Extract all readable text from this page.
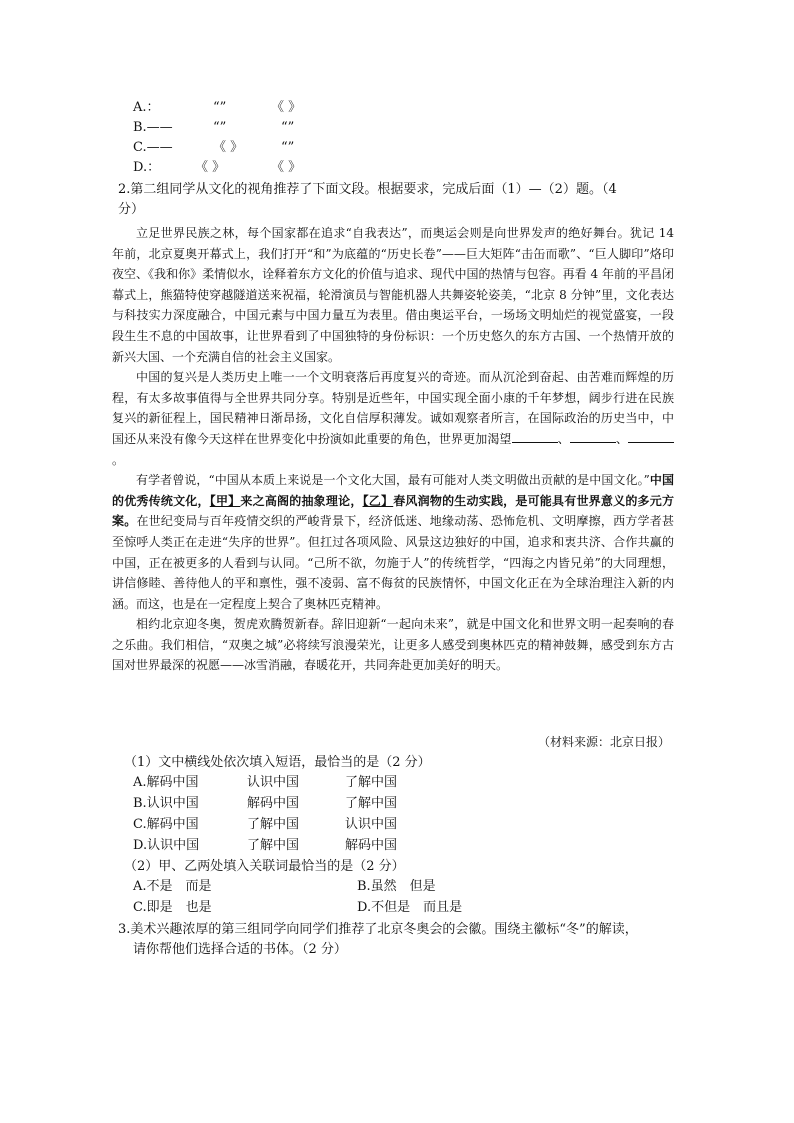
A.：	“”	《 》
B.——	“”	“”
C.——	《 》	“”
D.：	《 》	《 》
2.第二组同学从文化的视角推荐了下面文段。根据要求，完成后面（1）—（2）题。（4
分）

立足世界民族之林，每个国家都在追求“自我表达”，而奥运会则是向世界发声的绝好舞台。犹记 14 年前，北京夏奥开幕式上，我们打开“和”为底蕴的“历史长卷”——巨大矩阵“击缶而歌”、“巨人脚印”烙印夜空、《我和你》柔情似水，诠释着东方文化的价值与追求、现代中国的热情与包容。再看 4 年前的平昌闭幕式上，熊猫特使穿越隧道送来祝福，轮滑演员与智能机器人共舞姿轮姿美，“北京 8 分钟”里，文化表达与科技实力深度融合，中国元素与中国力量互为表里。借由奥运平台，一场场文明灿烂的视觉盛宴，一段段生生不息的中国故事，让世界看到了中国独特的身份标识：一个历史悠久的东方古国、一个热情开放的新兴大国、一个充满自信的社会主义国家。

中国的复兴是人类历史上唯一一个文明衰落后再度复兴的奇迹。而从沉沦到奋起、由苦难而辉煌的历程，有太多故事值得与全世界共同分享。特别是近些年，中国实现全面小康的千年梦想，阔步行进在民族复兴的新征程上，国民精神日渐昂扬，文化自信厚积薄发。诚如观察者所言，在国际政治的历史当中，中国还从来没有像今天这样在世界变化中扮演如此重要的角色，世界更加渴望	、	、。

有学者曾说，“中国从本质上来说是一个文化大国，最有可能对人类文明做出贡献的是中国文化。”中国的优秀传统文化，【甲】来之高阁的抽象理论，【乙】春风润物的生动实践，是可能具有世界意义的多元方案。在世纪变局与百年疫情交织的严峻背景下，经济低迷、地缘动荡、恐怖危机、文明摩擦，西方学者甚至惊呼人类正在走进“失序的世界”。但扛过各项风险、风景这边独好的中国，追求和衷共济、合作共赢的中国，正在被更多的人看到与认同。“己所不欲，勿施于人”的传统哲学，“四海之内皆兄弟”的大同理想，讲信修睦、善待他人的平和禀性，强不凌弱、富不侮贫的民族情怀，中国文化正在为全球治理注入新的内涵。而这，也是在一定程度上契合了奥林匹克精神。

相约北京迎冬奥，贺虎欢腾贺新春。辞旧迎新“一起向未来”，就是中国文化和世界文明一起奏响的春之乐曲。我们相信，“双奥之城”必将续写浪漫荣光，让更多人感受到奥林匹克的精神鼓舞，感受到东方古国对世界最深的祝愿——冰雪消融，春暖花开，共同奔赴更加美好的明天。

（材料来源：北京日报）
（1）文中横线处依次填入短语，最恰当的是（2 分）
A.解码中国	认识中国	了解中国
B.认识中国	解码中国	了解中国
C.解码中国	了解中国	认识中国
D.认识中国	了解中国	解码中国
（2）甲、乙两处填入关联词最恰当的是（2 分）
A.不是　而是	B.虽然　但是
C.即是　也是	D.不但是　而且是
3.美术兴趣浓厚的第三组同学向同学们推荐了北京冬奥会的会徽。围绕主徽标“冬”的解读，
请你帮他们选择合适的书体。（2 分）
